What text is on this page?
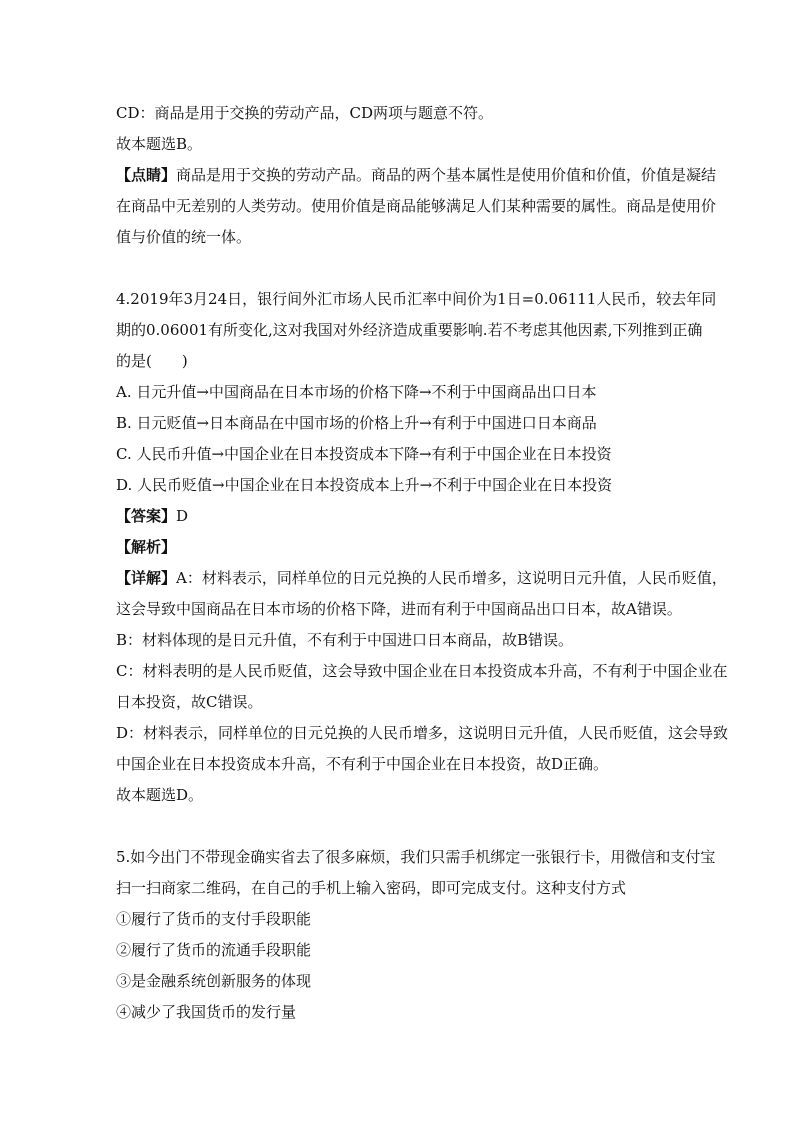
CD：商品是用于交换的劳动产品，CD两项与题意不符。
故本题选B。
【点睛】商品是用于交换的劳动产品。商品的两个基本属性是使用价值和价值，价值是凝结
在商品中无差别的人类劳动。使用价值是商品能够满足人们某种需要的属性。商品是使用价
值与价值的统一体。
4.2019年3月24日，银行间外汇市场人民币汇率中间价为1日=0.06111人民币，较去年同
期的0.06001有所变化,这对我国对外经济造成重要影响.若不考虑其他因素,下列推到正确
的是(　　)
A. 日元升值→中国商品在日本市场的价格下降→不利于中国商品出口日本
B. 日元贬值→日本商品在中国市场的价格上升→有利于中国进口日本商品
C. 人民币升值→中国企业在日本投资成本下降→有利于中国企业在日本投资
D. 人民币贬值→中国企业在日本投资成本上升→不利于中国企业在日本投资
【答案】D
【解析】
【详解】A：材料表示，同样单位的日元兑换的人民币增多，这说明日元升值，人民币贬值，
这会导致中国商品在日本市场的价格下降，进而有利于中国商品出口日本，故A错误。
B：材料体现的是日元升值，不有利于中国进口日本商品，故B错误。
C：材料表明的是人民币贬值，这会导致中国企业在日本投资成本升高，不有利于中国企业在
日本投资，故C错误。
D：材料表示，同样单位的日元兑换的人民币增多，这说明日元升值，人民币贬值，这会导致
中国企业在日本投资成本升高，不有利于中国企业在日本投资，故D正确。
故本题选D。
5.如今出门不带现金确实省去了很多麻烦，我们只需手机绑定一张银行卡，用微信和支付宝
扫一扫商家二维码，在自己的手机上输入密码，即可完成支付。这种支付方式
①履行了货币的支付手段职能
②履行了货币的流通手段职能
③是金融系统创新服务的体现
④减少了我国货币的发行量
